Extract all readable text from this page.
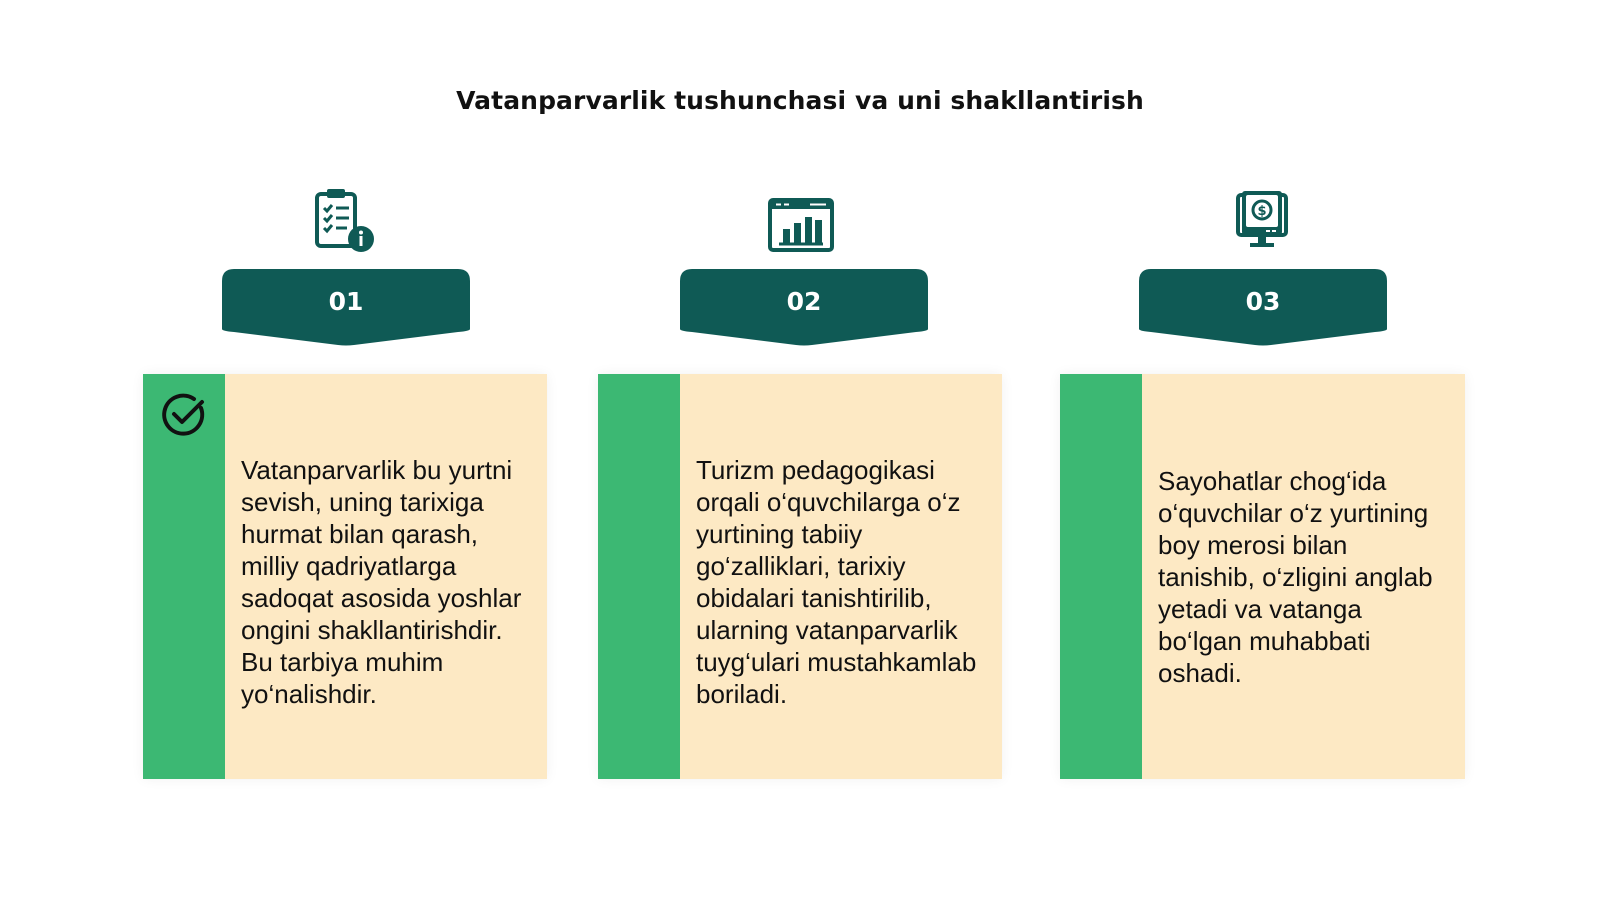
Vatanparvarlik tushunchasi va uni shakllantirish
01

Vatanparvarlik bu yurtni sevish, uning tarixiga hurmat bilan qarash, milliy qadriyatlarga sadoqat asosida yoshlar ongini shakllantirishdir. Bu tarbiya muhim yo‘nalishdir.

02

Turizm pedagogikasi orqali o‘quvchilarga o‘z yurtining tabiiy go‘zalliklari, tarixiy obidalari tanishtirilib, ularning vatanparvarlik tuyg‘ulari mustahkamlab boriladi.

$
03

Sayohatlar chog‘ida o‘quvchilar o‘z yurtining boy merosi bilan tanishib, o‘zligini anglab yetadi va vatanga bo‘lgan muhabbati oshadi.
